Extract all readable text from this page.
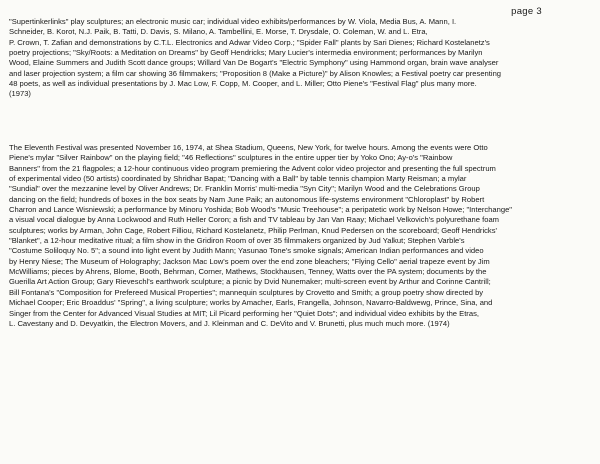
page 3
"Supertinkerlinks" play sculptures; an electronic music car; individual video exhibits/performances by W. Viola, Media Bus, A. Mann, I.
Schneider, B. Korot, N.J. Paik, B. Tatti, D. Davis, S. Milano, A. Tambellini, E. Morse, T. Drysdale, O. Coleman, W. and L. Etra,
P. Crown, T. Zafian and demonstrations by C.T.L. Electronics and Adwar Video Corp.; "Spider Fall" plants by Sari Dienes; Richard Kostelanetz's
poetry projections; "Sky/Roots: a Meditation on Dreams" by Geoff Hendricks; Mary Lucier's intermedia environment; performances by Marilyn
Wood, Elaine Summers and Judith Scott dance groups; Willard Van De Bogart's "Electric Symphony" using Hammond organ, brain wave analyser
and laser projection system; a film car showing 36 filmmakers; "Proposition 8 (Make a Picture)" by Alison Knowles; a Festival poetry car presenting
48 poets, as well as individual presentations by J. Mac Low, F. Copp, M. Cooper, and L. Miller; Otto Piene's "Festival Flag" plus many more.
(1973)
The Eleventh Festival was presented November 16, 1974, at Shea Stadium, Queens, New York, for twelve hours. Among the events were Otto
Piene's mylar "Silver Rainbow" on the playing field; "46 Reflections" sculptures in the entire upper tier by Yoko Ono; Ay-o's "Rainbow
Banners" from the 21 flagpoles; a 12-hour continuous video program premiering the Advent color video projector and presenting the full spectrum
of experimental video (50 artists) coordinated by Shridhar Bapat; "Dancing with a Ball" by table tennis champion Marty Reisman; a mylar
"Sundial" over the mezzanine level by Oliver Andrews; Dr. Franklin Morris' multi-media "Syn City"; Marilyn Wood and the Celebrations Group
dancing on the field; hundreds of boxes in the box seats by Nam June Paik; an autonomous life-systems environment "Chloroplast" by Robert
Charron and Lance Wisniewski; a performance by Minoru Yoshida; Bob Wood's "Music Treehouse"; a peripatetic work by Nelson Howe; "Interchange"
a visual vocal dialogue by Anna Lockwood and Ruth Heller Coron; a fish and TV tableau by Jan Van Raay; Michael Velkovich's polyurethane foam
sculptures; works by Arman, John Cage, Robert Filliou, Richard Kostelanetz, Philip Perlman, Knud Pedersen on the scoreboard; Geoff Hendricks'
"Blanket", a 12-hour meditative ritual; a film show in the Gridiron Room of over 35 filmmakers organized by Jud Yalkut; Stephen Varble's
"Costume Soliloquy No. 5"; a sound into light event by Judith Mann; Yasunao Tone's smoke signals; American Indian performances and video
by Henry Niese; The Museum of Holography; Jackson Mac Low's poem over the end zone bleachers; "Flying Cello" aerial trapeze event by Jim
McWilliams; pieces by Ahrens, Blome, Booth, Behrman, Corner, Mathews, Stockhausen, Tenney, Watts over the PA system; documents by the
Guerilla Art Action Group; Gary Rieveschl's earthwork sculpture; a picnic by Dvid Nunemaker; multi-screen event by Arthur and Corinne Cantrill;
Bill Fontana's "Composition for Prefereed Musical Properties"; mannequin sculptures by Crovetto and Smith; a group poetry show directed by
Michael Cooper; Eric Broaddus' "Spring", a living sculpture; works by Amacher, Earls, Frangella, Johnson, Navarro-Baldwewg, Prince, Sina, and
Singer from the Center for Advanced Visual Studies at MIT; Lil Picard performing her "Quiet Dots"; and individual video exhibits by the Etras,
L. Cavestany and D. Devyatkin, the Electron Movers, and J. Kleinman and C. DeVito and V. Brunetti, plus much much more. (1974)
